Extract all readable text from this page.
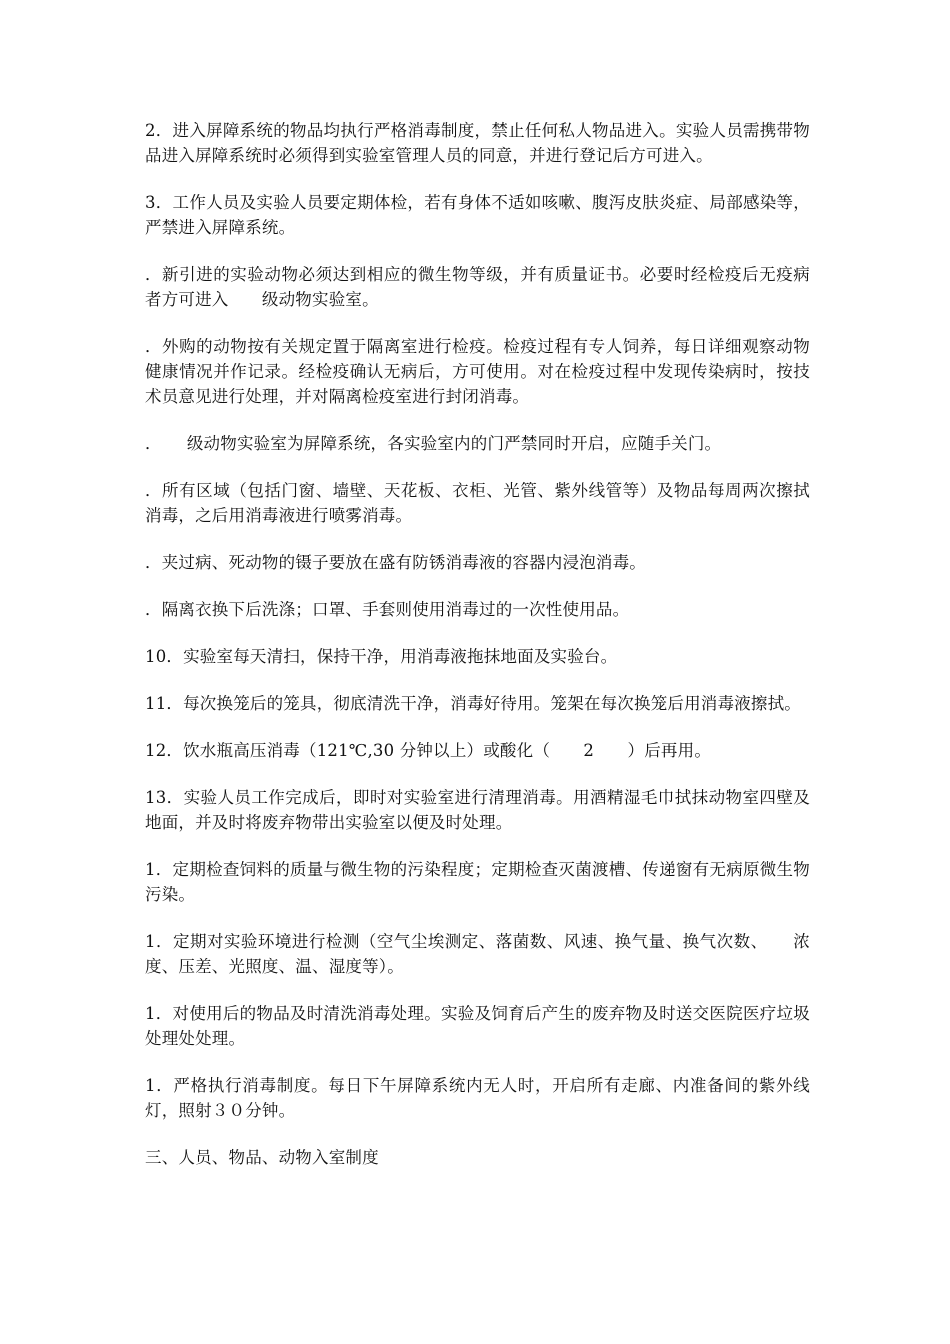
2．进入屏障系统的物品均执行严格消毒制度，禁止任何私人物品进入。实验人员需携带物品进入屏障系统时必须得到实验室管理人员的同意，并进行登记后方可进入。

3．工作人员及实验人员要定期体检，若有身体不适如咳嗽、腹泻皮肤炎症、局部感染等，严禁进入屏障系统。

．新引进的实验动物必须达到相应的微生物等级，并有质量证书。必要时经检疫后无疫病者方可进入　　级动物实验室。

．外购的动物按有关规定置于隔离室进行检疫。检疫过程有专人饲养，每日详细观察动物健康情况并作记录。经检疫确认无病后，方可使用。对在检疫过程中发现传染病时，按技术员意见进行处理，并对隔离检疫室进行封闭消毒。

．　　级动物实验室为屏障系统，各实验室内的门严禁同时开启，应随手关门。

．所有区域（包括门窗、墙壁、天花板、衣柜、光管、紫外线管等）及物品每周两次擦拭消毒，之后用消毒液进行喷雾消毒。

．夹过病、死动物的镊子要放在盛有防锈消毒液的容器内浸泡消毒。

．隔离衣换下后洗涤；口罩、手套则使用消毒过的一次性使用品。

10．实验室每天清扫，保持干净，用消毒液拖抹地面及实验台。

11．每次换笼后的笼具，彻底清洗干净，消毒好待用。笼架在每次换笼后用消毒液擦拭。

12．饮水瓶高压消毒（121℃,30 分钟以上）或酸化（　　2　　）后再用。

13．实验人员工作完成后，即时对实验室进行清理消毒。用酒精湿毛巾拭抹动物室四壁及地面，并及时将废弃物带出实验室以便及时处理。

1．定期检查饲料的质量与微生物的污染程度；定期检查灭菌渡槽、传递窗有无病原微生物污染。

1．定期对实验环境进行检测（空气尘埃测定、落菌数、风速、换气量、换气次数、　　浓度、压差、光照度、温、湿度等）。

1．对使用后的物品及时清洗消毒处理。实验及饲育后产生的废弃物及时送交医院医疗垃圾处理处处理。

1．严格执行消毒制度。每日下午屏障系统内无人时，开启所有走廊、内准备间的紫外线灯，照射３０分钟。

三、人员、物品、动物入室制度
